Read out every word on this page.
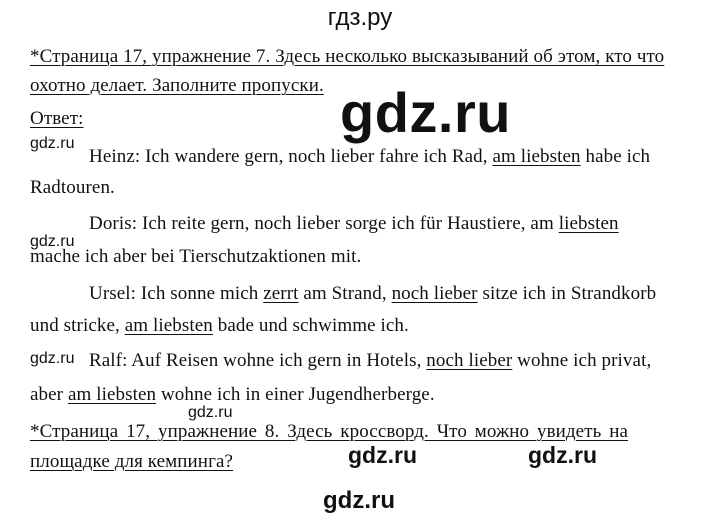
гдз.ру
*Страница 17, упражнение 7. Здесь несколько высказываний об этом, кто что
охотно делает. Заполните пропуски.
Ответ:
Heinz: Ich wandere gern, noch lieber fahre ich Rad, am liebsten habe ich
Radtouren.
Doris: Ich reite gern, noch lieber sorge ich für Haustiere, am liebsten
mache ich aber bei Tierschutzaktionen mit.
Ursel: Ich sonne mich zerrt am Strand, noch lieber sitze ich in Strandkorb
und stricke, am liebsten bade und schwimme ich.
Ralf: Auf Reisen wohne ich gern in Hotels, noch lieber wohne ich privat,
aber am liebsten wohne ich in einer Jugendherberge.
*Страница 17, упражнение 8. Здесь кроссворд. Что можно увидеть на
площадке для кемпинга?
gdz.ru
gdz.ru
gdz.ru
gdz.ru
gdz.ru
gdz.ru	gdz.ru
gdz.ru
